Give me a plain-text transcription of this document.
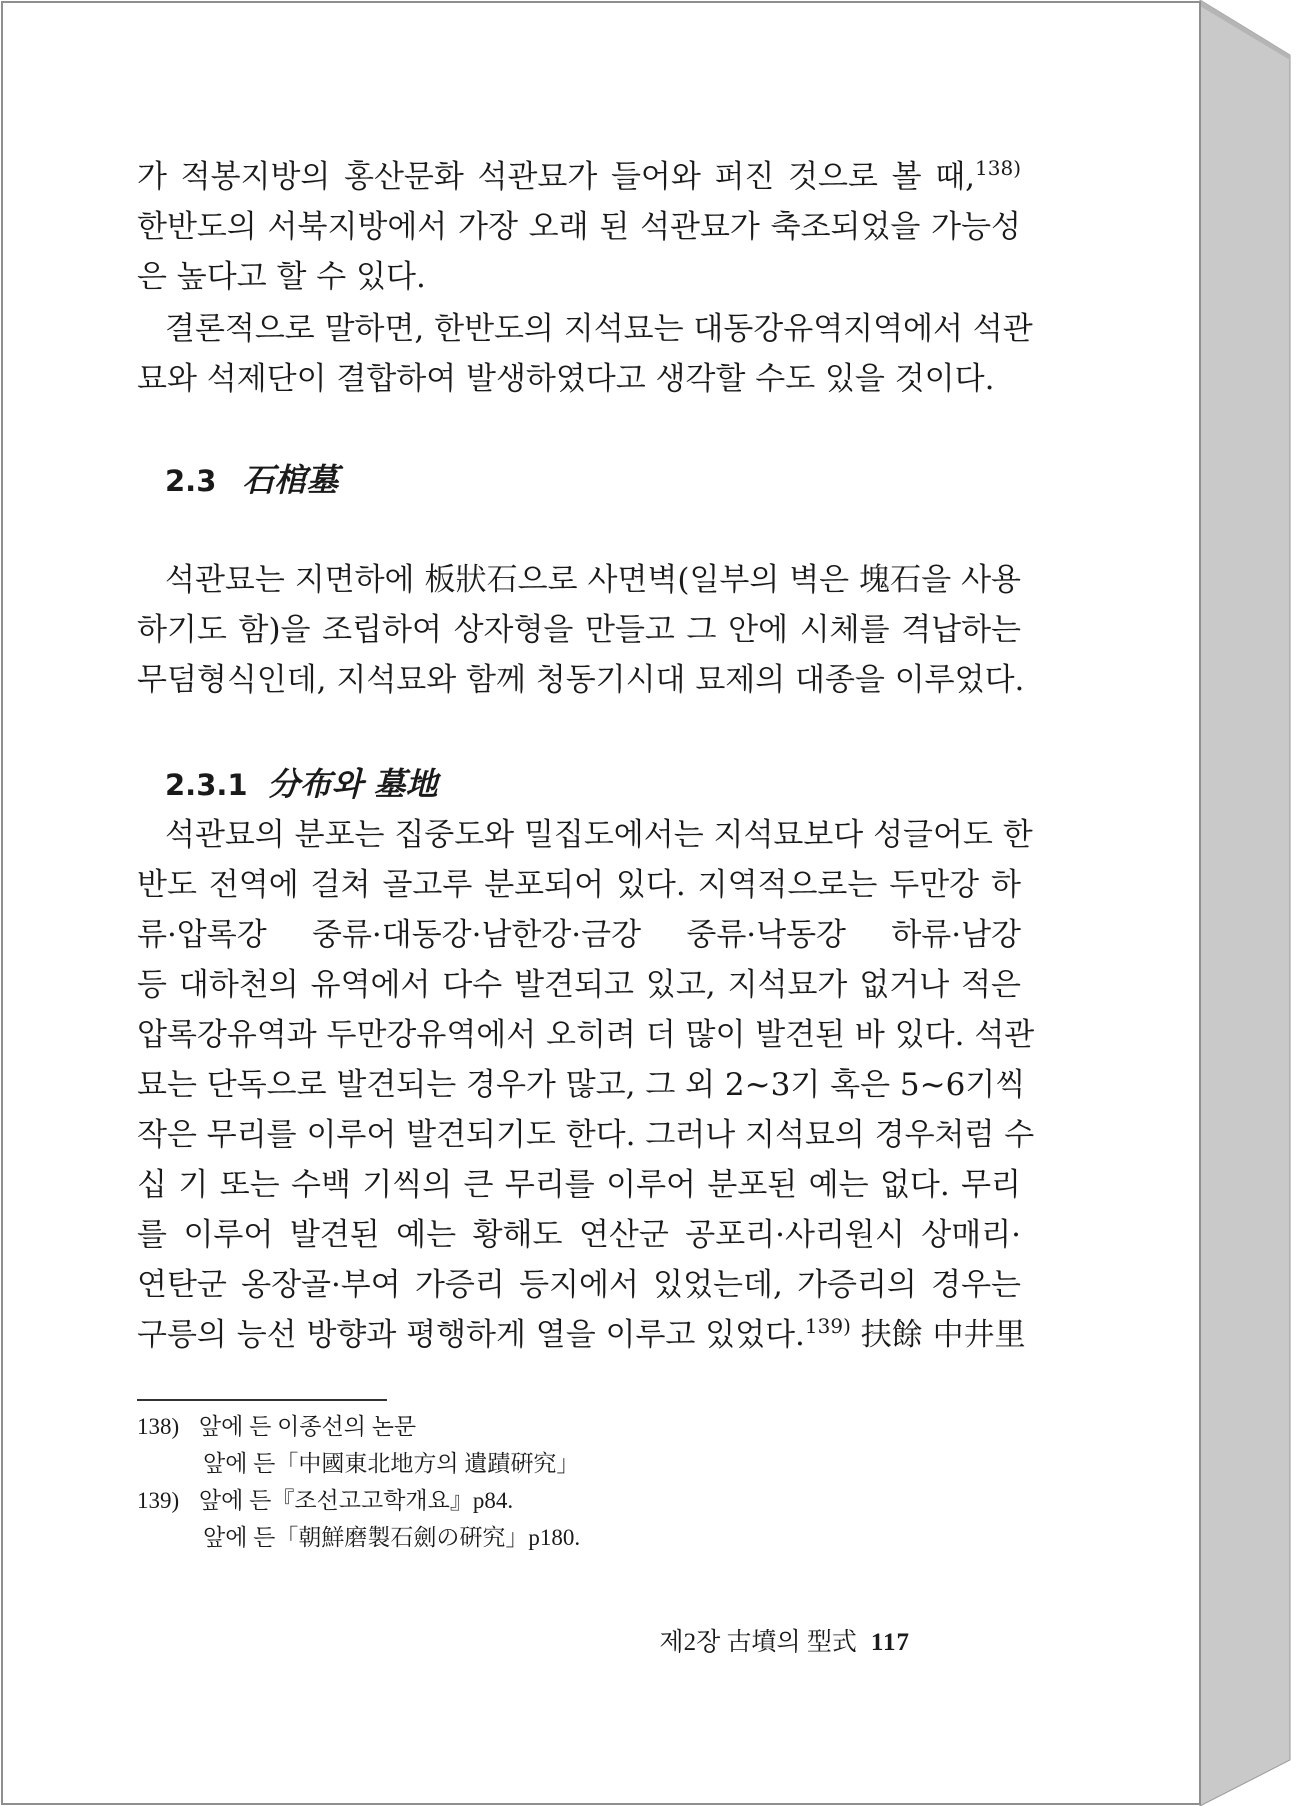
가 적봉지방의 홍산문화 석관묘가 들어와 퍼진 것으로 볼 때,$^{138)}$

한반도의 서북지방에서 가장 오래 된 석관묘가 축조되었을 가능성

은 높다고 할 수 있다.

결론적으로 말하면, 한반도의 지석묘는 대동강유역지역에서 석관

묘와 석제단이 결합하여 발생하였다고 생각할 수도 있을 것이다.

2.3 石棺墓

석관묘는 지면하에 板狀石으로 사면벽(일부의 벽은 塊石을 사용

하기도 함)을 조립하여 상자형을 만들고 그 안에 시체를 격납하는

무덤형식인데, 지석묘와 함께 청동기시대 묘제의 대종을 이루었다.

2.3.1 分布와 墓地

석관묘의 분포는 집중도와 밀집도에서는 지석묘보다 성글어도 한

반도 전역에 걸쳐 골고루 분포되어 있다. 지역적으로는 두만강 하

류·압록강 중류·대동강·남한강·금강 중류·낙동강 하류·남강

등 대하천의 유역에서 다수 발견되고 있고, 지석묘가 없거나 적은

압록강유역과 두만강유역에서 오히려 더 많이 발견된 바 있다. 석관

묘는 단독으로 발견되는 경우가 많고, 그 외 2~3기 혹은 5~6기씩

작은 무리를 이루어 발견되기도 한다. 그러나 지석묘의 경우처럼 수

십 기 또는 수백 기씩의 큰 무리를 이루어 분포된 예는 없다. 무리

를 이루어 발견된 예는 황해도 연산군 공포리·사리원시 상매리·

연탄군 옹장골·부여 가증리 등지에서 있었는데, 가증리의 경우는

구릉의 능선 방향과 평행하게 열을 이루고 있었다.$^{139)}$ 扶餘 中井里

138) 앞에 든 이종선의 논문

앞에 든「中國東北地方의 遺蹟硏究」

139) 앞에 든『조선고고학개요』p84.

앞에 든「朝鮮磨製石劍の硏究」p180.

제2장 古墳의 型式 117
